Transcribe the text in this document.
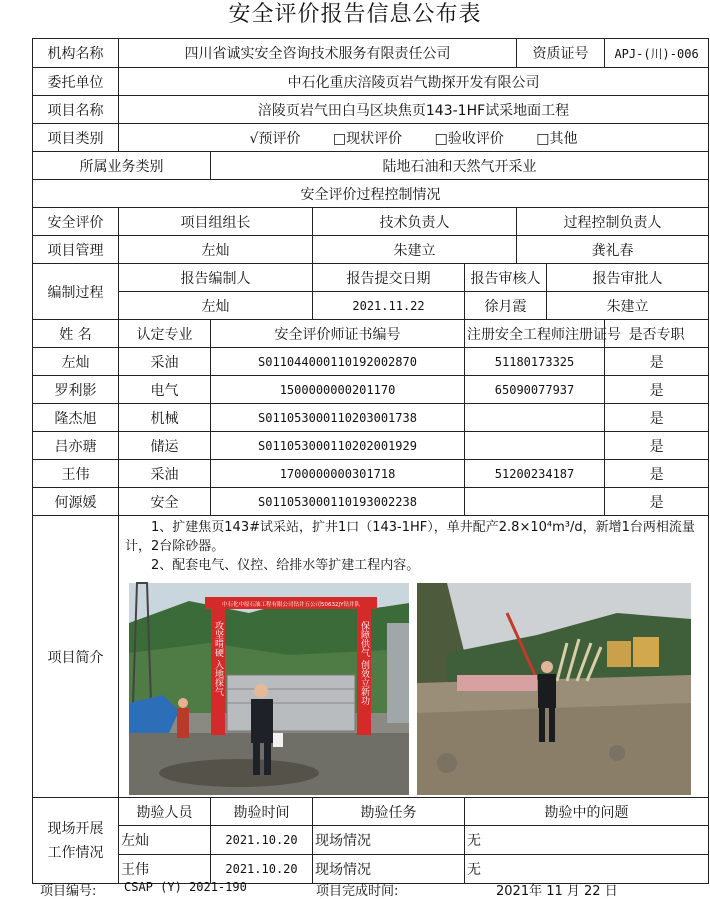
安全评价报告信息公布表
机构名称	四川省诚实安全咨询技术服务有限责任公司				资质证号		APJ-(川)-006
委托单位	中石化重庆涪陵页岩气勘探开发有限公司						
项目名称	涪陵页岩气田白马区块焦页143-1HF试采地面工程						
项目类别	√预评价 □现状评价 □验收评价 □其他						
所属业务类别		陆地石油和天然气开采业					
安全评价过程控制情况							
安全评价	项目组组长		技术负责人		过程控制负责人		
项目管理	左灿		朱建立		龚礼春		
编制过程	报告编制人		报告提交日期	报告审核人		报告审批人	
	左灿		2021.11.22	徐月霞		朱建立	
姓 名	认定专业	安全评价师证书编号		注册安全工程师注册证号			是否专职
左灿	采油	S011044000110192002870		51180173325			是
罗利影	电气	1500000000201170		65090077937			是
隆杰旭	机械	S011053000110203001738					是
吕亦瑭	储运	S011053000110202001929					是
王伟	采油	1700000000301718		51200234187			是
何源媛	安全	S011053000110193002238					是
项目简介	1、扩建焦页143#试采站，扩井1口（143-1HF），单井配产2.8×10⁴m³/d，新增1台两相流量计，2台除砂器。

2、配套电气、仪控、给排水等扩建工程内容。

中石化中原石油工程有限公司钻井五公司50632JY钻井队
攻坚啃硬 入地探气 保障供气 创效立新功						

现场开展
工作情况	勘验人员	勘验时间	勘验任务	勘验中的问题			
	左灿	2021.10.20	现场情况	无			
	王伟	2021.10.20	现场情况	无			
项目编号: CSAP (Y) 2021-190	项目完成时间:	2021年 11 月 22 日
